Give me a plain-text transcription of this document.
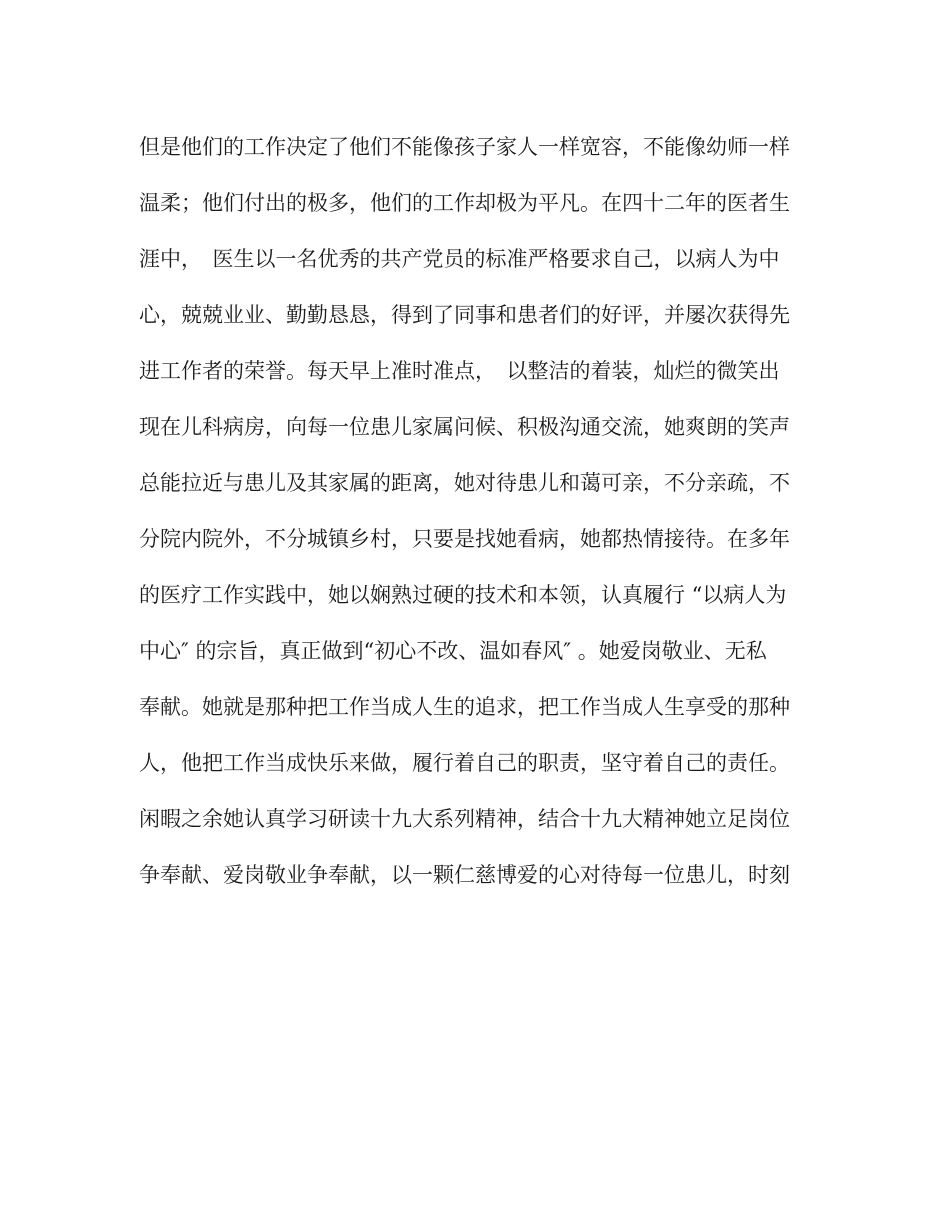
但是他们的工作决定了他们不能像孩子家人一样宽容，不能像幼师一样
温柔；他们付出的极多，他们的工作却极为平凡。在四十二年的医者生
涯中，　医生以一名优秀的共产党员的标准严格要求自己，以病人为中
心，兢兢业业、勤勤恳恳，得到了同事和患者们的好评，并屡次获得先
进工作者的荣誉。每天早上准时准点，　以整洁的着装，灿烂的微笑出
现在儿科病房，向每一位患儿家属问候、积极沟通交流，她爽朗的笑声
总能拉近与患儿及其家属的距离，她对待患儿和蔼可亲，不分亲疏，不
分院内院外，不分城镇乡村，只要是找她看病，她都热情接待。在多年
的医疗工作实践中，她以娴熟过硬的技术和本领，认真履行 “以病人为
中心″ 的宗旨，真正做到“初心不改、温如春风″ 。她爱岗敬业、无私
奉献。她就是那种把工作当成人生的追求，把工作当成人生享受的那种
人，他把工作当成快乐来做，履行着自己的职责，坚守着自己的责任。
闲暇之余她认真学习研读十九大系列精神，结合十九大精神她立足岗位
争奉献、爱岗敬业争奉献，以一颗仁慈博爱的心对待每一位患儿，时刻
